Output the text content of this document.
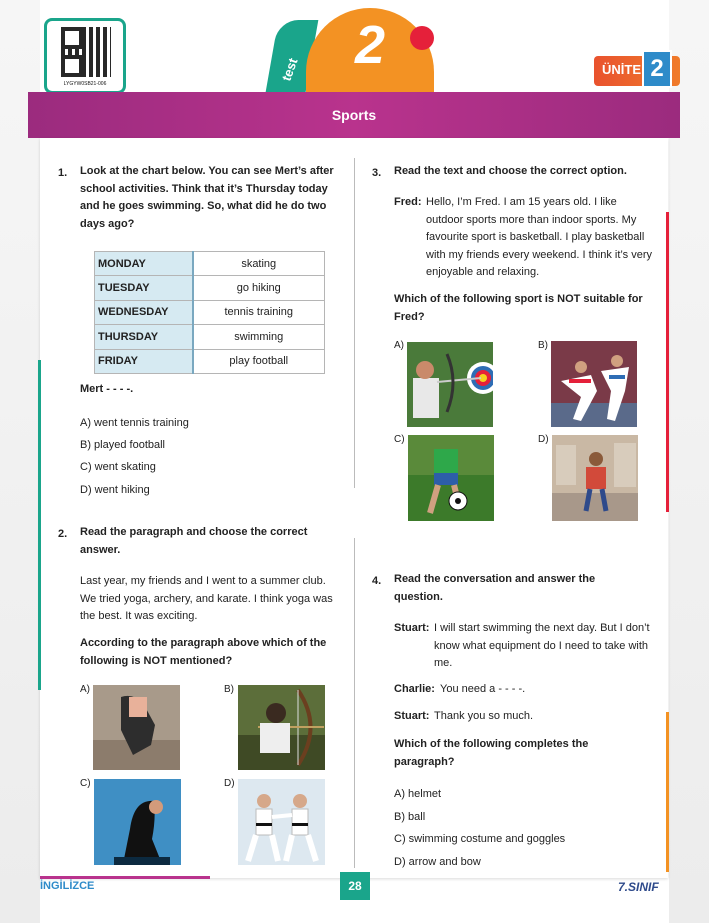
LYGYW0SB21-006
test	2	ÜNİTE 2
Sports
1. Look at the chart below. You can see Mert’s after school activities. Think that it’s Thursday today and he goes swimming. So, what did he do two days ago?
MONDAY	skating
TUESDAY	go hiking
WEDNESDAY	tennis training
THURSDAY	swimming
FRIDAY	play football
Mert - - - -.
A) went tennis training
B) played football
C) went skating
D) went hiking
2. Read the paragraph and choose the correct answer.
Last year, my friends and I went to a summer club. We tried yoga, archery, and karate. I think yoga was the best. It was exciting.
According to the paragraph above which of the following is NOT mentioned?
A)	B)
C)	D)
3. Read the text and choose the correct option.
Fred: Hello, I’m Fred. I am 15 years old. I like outdoor sports more than indoor sports. My favourite sport is basketball. I play basketball with my friends every weekend. I think it’s very enjoyable and relaxing.
Which of the following sport is NOT suitable for Fred?
A)	B)
C)	D)
4. Read the conversation and answer the question.
Stuart: I will start swimming the next day. But I don’t know what equipment do I need to take with me.
Charlie: You need a - - - -.
Stuart: Thank you so much.
Which of the following completes the paragraph?
A) helmet
B) ball
C) swimming costume and goggles
D) arrow and bow
İNGİLİZCE	28	7.SINIF
